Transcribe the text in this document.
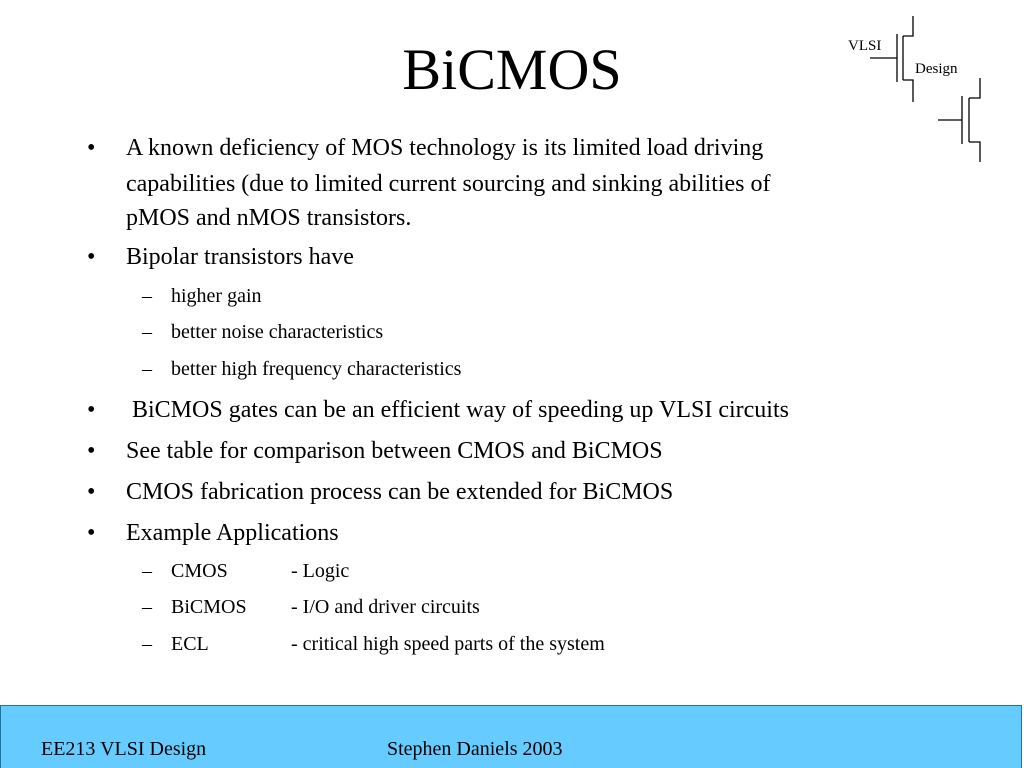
BiCMOS	VLSI
Design
• A known deficiency of MOS technology is its limited load driving
capabilities (due to limited current sourcing and sinking abilities of
pMOS and nMOS transistors.
• Bipolar transistors have
– higher gain
– better noise characteristics
– better high frequency characteristics
• BiCMOS gates can be an efficient way of speeding up VLSI circuits
• See table for comparison between CMOS and BiCMOS
• CMOS fabrication process can be extended for BiCMOS
• Example Applications
– CMOS	- Logic
– BiCMOS - I/O and driver circuits
– ECL	- critical high speed parts of the system
EE213 VLSI Design	Stephen Daniels 2003
